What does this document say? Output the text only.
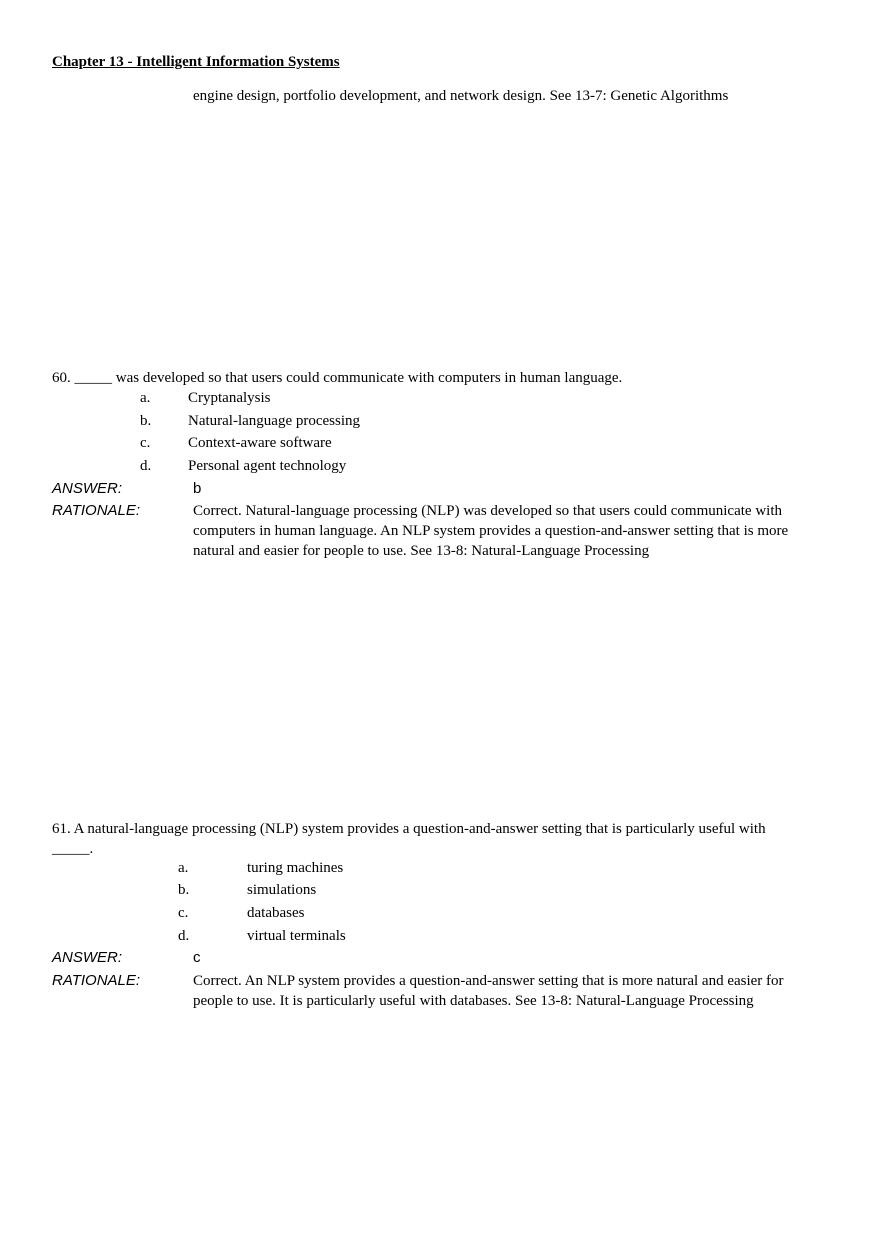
Chapter 13 - Intelligent Information Systems
engine design, portfolio development, and network design. See 13-7: Genetic Algorithms
60. _____ was developed so that users could communicate with computers in human language.
a.	Cryptanalysis
b. Natural-language processing
c.	Context-aware software
d. Personal agent technology
ANSWER:	b
RATIONALE:	Correct. Natural-language processing (NLP) was developed so that users could communicate with
computers in human language. An NLP system provides a question-and-answer setting that is more
natural and easier for people to use. See 13-8: Natural-Language Processing
61. A natural-language processing (NLP) system provides a question-and-answer setting that is particularly useful with
_____.
a.	turing machines
b.	simulations
c.	databases
d.	virtual terminals
ANSWER:	c
RATIONALE:	Correct. An NLP system provides a question-and-answer setting that is more natural and easier for
people to use. It is particularly useful with databases. See 13-8: Natural-Language Processing
